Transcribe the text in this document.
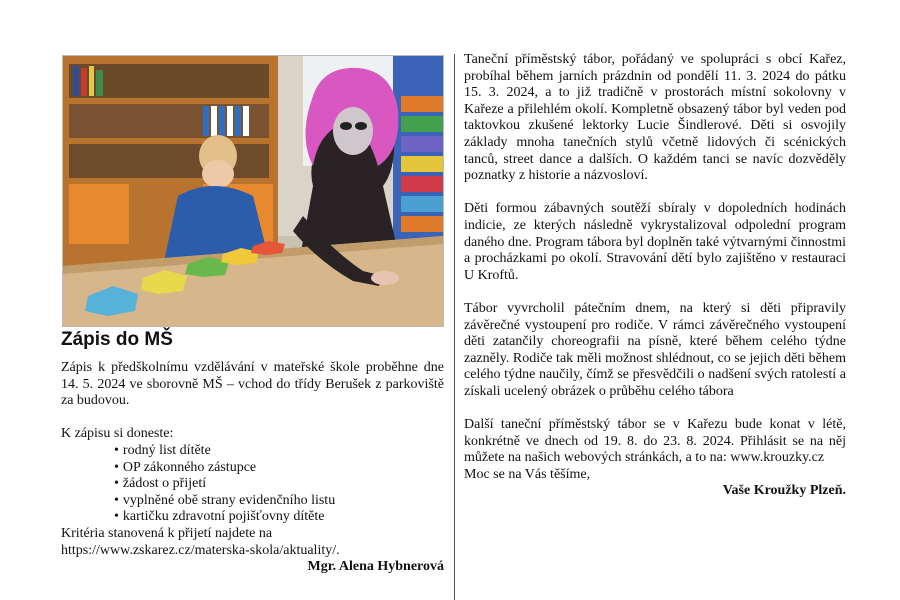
Zápis do MŠ

Zápis k předškolnímu vzdělávání v mateřské škole proběhne dne 14. 5. 2024 ve sborovně MŠ – vchod do třídy Berušek z parkoviště za budovou.

K zápisu si doneste:

• rodný list dítěte
• OP zákonného zástupce
• žádost o přijetí
• vyplněné obě strany evidenčního listu
• kartičku zdravotní pojišťovny dítěte

Kritéria stanovená k přijetí najdete na

https://www.zskarez.cz/materska-skola/aktuality/.

Mgr. Alena Hybnerová

Taneční příměstský tábor, pořádaný ve spolupráci s obcí Kařez, probíhal během jarních prázdnin od pondělí 11. 3. 2024 do pátku 15. 3. 2024, a to již tradičně v prostorách místní sokolovny v Kařeze a přilehlém okolí. Kompletně obsazený tábor byl veden pod taktovkou zkušené lektorky Lucie Šindlerové. Děti si osvojily základy mnoha tanečních stylů včetně lidových či scénických tanců, street dance a dalších. O každém tanci se navíc dozvěděly poznatky z historie a názvosloví.

Děti formou zábavných soutěží sbíraly v dopoledních hodinách indicie, ze kterých následně vykrystalizoval odpolední program daného dne. Program tábora byl doplněn také výtvarnými činnostmi a procházkami po okolí. Stravování dětí bylo zajištěno v restauraci U Kroftů.

Tábor vyvrcholil pátečním dnem, na který si děti připravily závěrečné vystoupení pro rodiče. V rámci závěrečného vystoupení děti zatančily choreografii na písně, které během celého týdne zazněly. Rodiče tak měli možnost shlédnout, co se jejich děti během celého týdne naučily, čímž se přesvědčili o nadšení svých ratolestí a získali ucelený obrázek o průběhu celého tábora

Další taneční příměstský tábor se v Kařezu bude konat v létě, konkrétně ve dnech od 19. 8. do 23. 8. 2024. Přihlásit se na něj můžete na našich webových stránkách, a to na: www.krouzky.cz

Moc se na Vás těšíme,

Vaše Kroužky Plzeň.
